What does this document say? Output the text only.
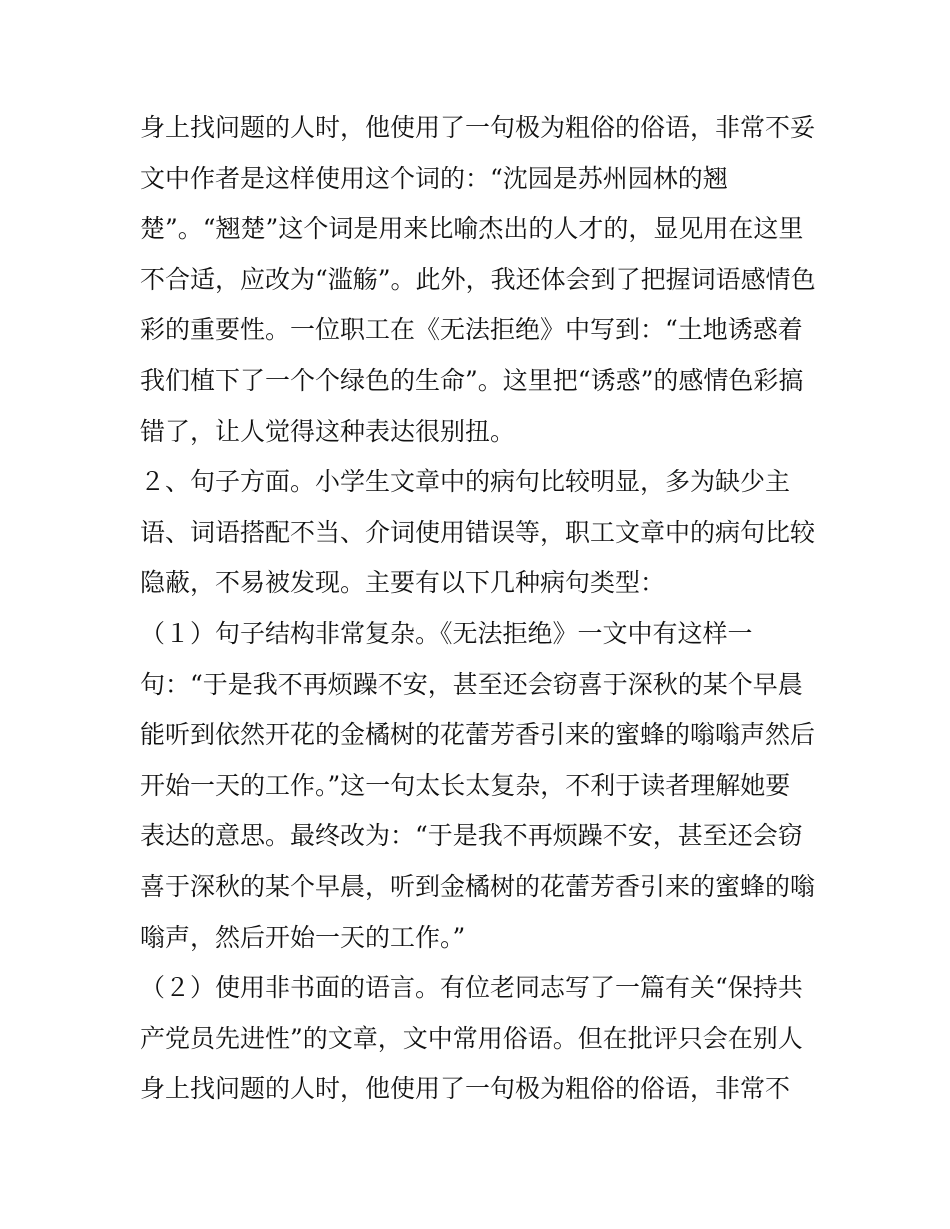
身上找问题的人时，他使用了一句极为粗俗的俗语，非常不妥
文中作者是这样使用这个词的：“沈园是苏州园林的翘
楚”。“翘楚”这个词是用来比喻杰出的人才的，显见用在这里
不合适，应改为“滥觞”。此外，我还体会到了把握词语感情色
彩的重要性。一位职工在《无法拒绝》中写到：“土地诱惑着
我们植下了一个个绿色的生命”。这里把“诱惑”的感情色彩搞
错了，让人觉得这种表达很别扭。
２、句子方面。小学生文章中的病句比较明显，多为缺少主
语、词语搭配不当、介词使用错误等，职工文章中的病句比较
隐蔽，不易被发现。主要有以下几种病句类型：
（１）句子结构非常复杂。《无法拒绝》一文中有这样一
句：“于是我不再烦躁不安，甚至还会窃喜于深秋的某个早晨
能听到依然开花的金橘树的花蕾芳香引来的蜜蜂的嗡嗡声然后
开始一天的工作。”这一句太长太复杂，不利于读者理解她要
表达的意思。最终改为：“于是我不再烦躁不安，甚至还会窃
喜于深秋的某个早晨，听到金橘树的花蕾芳香引来的蜜蜂的嗡
嗡声，然后开始一天的工作。”
（２）使用非书面的语言。有位老同志写了一篇有关“保持共
产党员先进性”的文章，文中常用俗语。但在批评只会在别人
身上找问题的人时，他使用了一句极为粗俗的俗语，非常不
